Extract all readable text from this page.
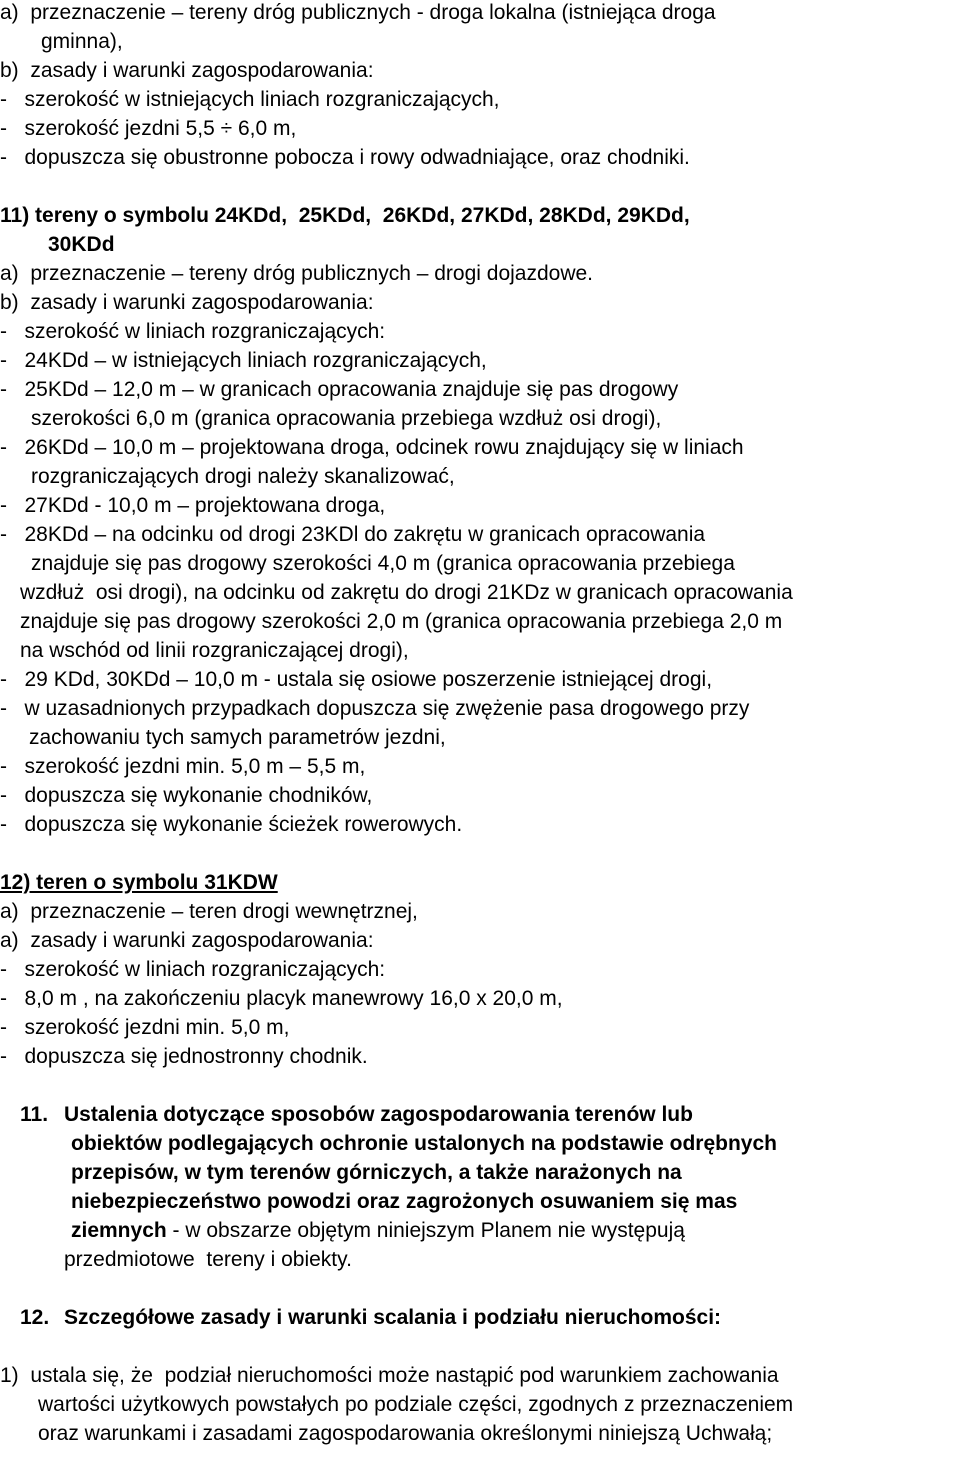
a)  przeznaczenie – tereny dróg publicznych - droga lokalna (istniejąca droga
gminna),
b)  zasady i warunki zagospodarowania:
-   szerokość w istniejących liniach rozgraniczających,
-   szerokość jezdni 5,5 ÷ 6,0 m,
-   dopuszcza się obustronne pobocza i rowy odwadniające, oraz chodniki.
11) tereny o symbolu 24KDd,  25KDd,  26KDd, 27KDd, 28KDd, 29KDd,
30KDd
a)  przeznaczenie – tereny dróg publicznych – drogi dojazdowe.
b)  zasady i warunki zagospodarowania:
-   szerokość w liniach rozgraniczających:
-   24KDd – w istniejących liniach rozgraniczających,
-   25KDd – 12,0 m – w granicach opracowania znajduje się pas drogowy
szerokości 6,0 m (granica opracowania przebiega wzdłuż osi drogi),
-   26KDd – 10,0 m – projektowana droga, odcinek rowu znajdujący się w liniach
rozgraniczających drogi należy skanalizować,
-   27KDd - 10,0 m – projektowana droga,
-   28KDd – na odcinku od drogi 23KDl do zakrętu w granicach opracowania
znajduje się pas drogowy szerokości 4,0 m (granica opracowania przebiega
wzdłuż  osi drogi), na odcinku od zakrętu do drogi 21KDz w granicach opracowania
znajduje się pas drogowy szerokości 2,0 m (granica opracowania przebiega 2,0 m
na wschód od linii rozgraniczającej drogi),
-   29 KDd, 30KDd – 10,0 m - ustala się osiowe poszerzenie istniejącej drogi,
-   w uzasadnionych przypadkach dopuszcza się zwężenie pasa drogowego przy
zachowaniu tych samych parametrów jezdni,
-   szerokość jezdni min. 5,0 m – 5,5 m,
-   dopuszcza się wykonanie chodników,
-   dopuszcza się wykonanie ścieżek rowerowych.
12) teren o symbolu 31KDW
a)  przeznaczenie – teren drogi wewnętrznej,
a)  zasady i warunki zagospodarowania:
-   szerokość w liniach rozgraniczających:
-   8,0 m , na zakończeniu placyk manewrowy 16,0 x 20,0 m,
-   szerokość jezdni min. 5,0 m,
-   dopuszcza się jednostronny chodnik.
11. Ustalenia dotyczące sposobów zagospodarowania terenów lub
obiektów podlegających ochronie ustalonych na podstawie odrębnych
przepisów, w tym terenów górniczych, a także narażonych na
niebezpieczeństwo powodzi oraz zagrożonych osuwaniem się mas
ziemnych - w obszarze objętym niniejszym Planem nie występują
przedmiotowe  tereny i obiekty.
12. Szczegółowe zasady i warunki scalania i podziału nieruchomości:
1)  ustala się, że  podział nieruchomości może nastąpić pod warunkiem zachowania
wartości użytkowych powstałych po podziale części, zgodnych z przeznaczeniem
oraz warunkami i zasadami zagospodarowania określonymi niniejszą Uchwałą;
